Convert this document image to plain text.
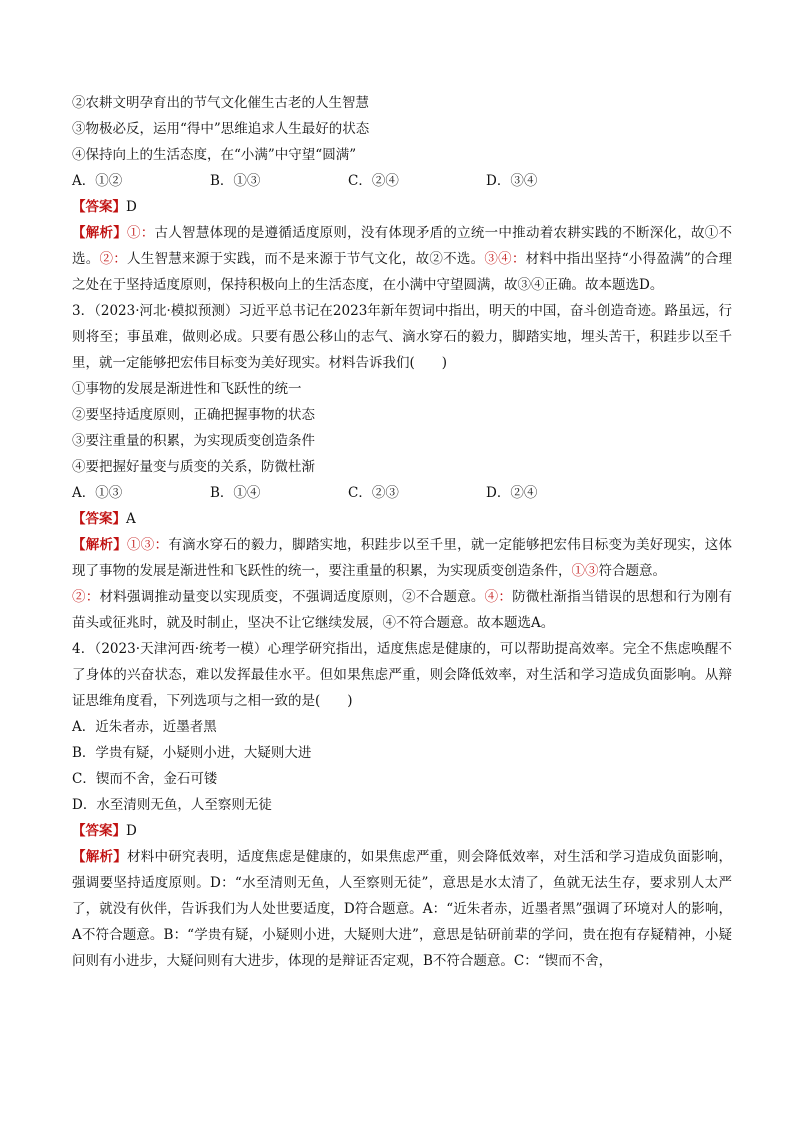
②农耕文明孕育出的节气文化催生古老的人生智慧
③物极必反，运用“得中”思维追求人生最好的状态
④保持向上的生活态度，在“小满”中守望“圆满”
A．①②	B．①③	C．②④	D．③④
【答案】D
【解析】①：古人智慧体现的是遵循适度原则，没有体现矛盾的立统一中推动着农耕实践的不断深化，故①不选。②：人生智慧来源于实践，而不是来源于节气文化，故②不选。③④：材料中指出坚持“小得盈满”的合理之处在于坚持适度原则，保持积极向上的生活态度，在小满中守望圆满，故③④正确。故本题选D。
3．（2023·河北·模拟预测）习近平总书记在2023年新年贺词中指出，明天的中国，奋斗创造奇迹。路虽远，行则将至；事虽难，做则必成。只要有愚公移山的志气、滴水穿石的毅力，脚踏实地，埋头苦干，积跬步以至千里，就一定能够把宏伟目标变为美好现实。材料告诉我们(　　)
①事物的发展是渐进性和飞跃性的统一
②要坚持适度原则，正确把握事物的状态
③要注重量的积累，为实现质变创造条件
④要把握好量变与质变的关系，防微杜渐
A．①③	B．①④	C．②③	D．②④
【答案】A
【解析】①③：有滴水穿石的毅力，脚踏实地，积跬步以至千里，就一定能够把宏伟目标变为美好现实，这体现了事物的发展是渐进性和飞跃性的统一，要注重量的积累，为实现质变创造条件，①③符合题意。
②：材料强调推动量变以实现质变，不强调适度原则，②不合题意。④：防微杜渐指当错误的思想和行为刚有苗头或征兆时，就及时制止，坚决不让它继续发展，④不符合题意。故本题选A。
4．（2023·天津河西·统考一模）心理学研究指出，适度焦虑是健康的，可以帮助提高效率。完全不焦虑唤醒不了身体的兴奋状态，难以发挥最佳水平。但如果焦虑严重，则会降低效率，对生活和学习造成负面影响。从辩证思维角度看，下列选项与之相一致的是(　　)
A．近朱者赤，近墨者黑
B．学贵有疑，小疑则小进，大疑则大进
C．锲而不舍，金石可镂
D．水至清则无鱼，人至察则无徒
【答案】D
【解析】材料中研究表明，适度焦虑是健康的，如果焦虑严重，则会降低效率，对生活和学习造成负面影响，强调要坚持适度原则。D：“水至清则无鱼，人至察则无徒”，意思是水太清了，鱼就无法生存，要求别人太严了，就没有伙伴，告诉我们为人处世要适度，D符合题意。A：“近朱者赤，近墨者黑”强调了环境对人的影响，A不符合题意。B：“学贵有疑，小疑则小进，大疑则大进”，意思是钻研前辈的学问，贵在抱有存疑精神，小疑问则有小进步，大疑问则有大进步，体现的是辩证否定观，B不符合题意。C：“锲而不舍，
